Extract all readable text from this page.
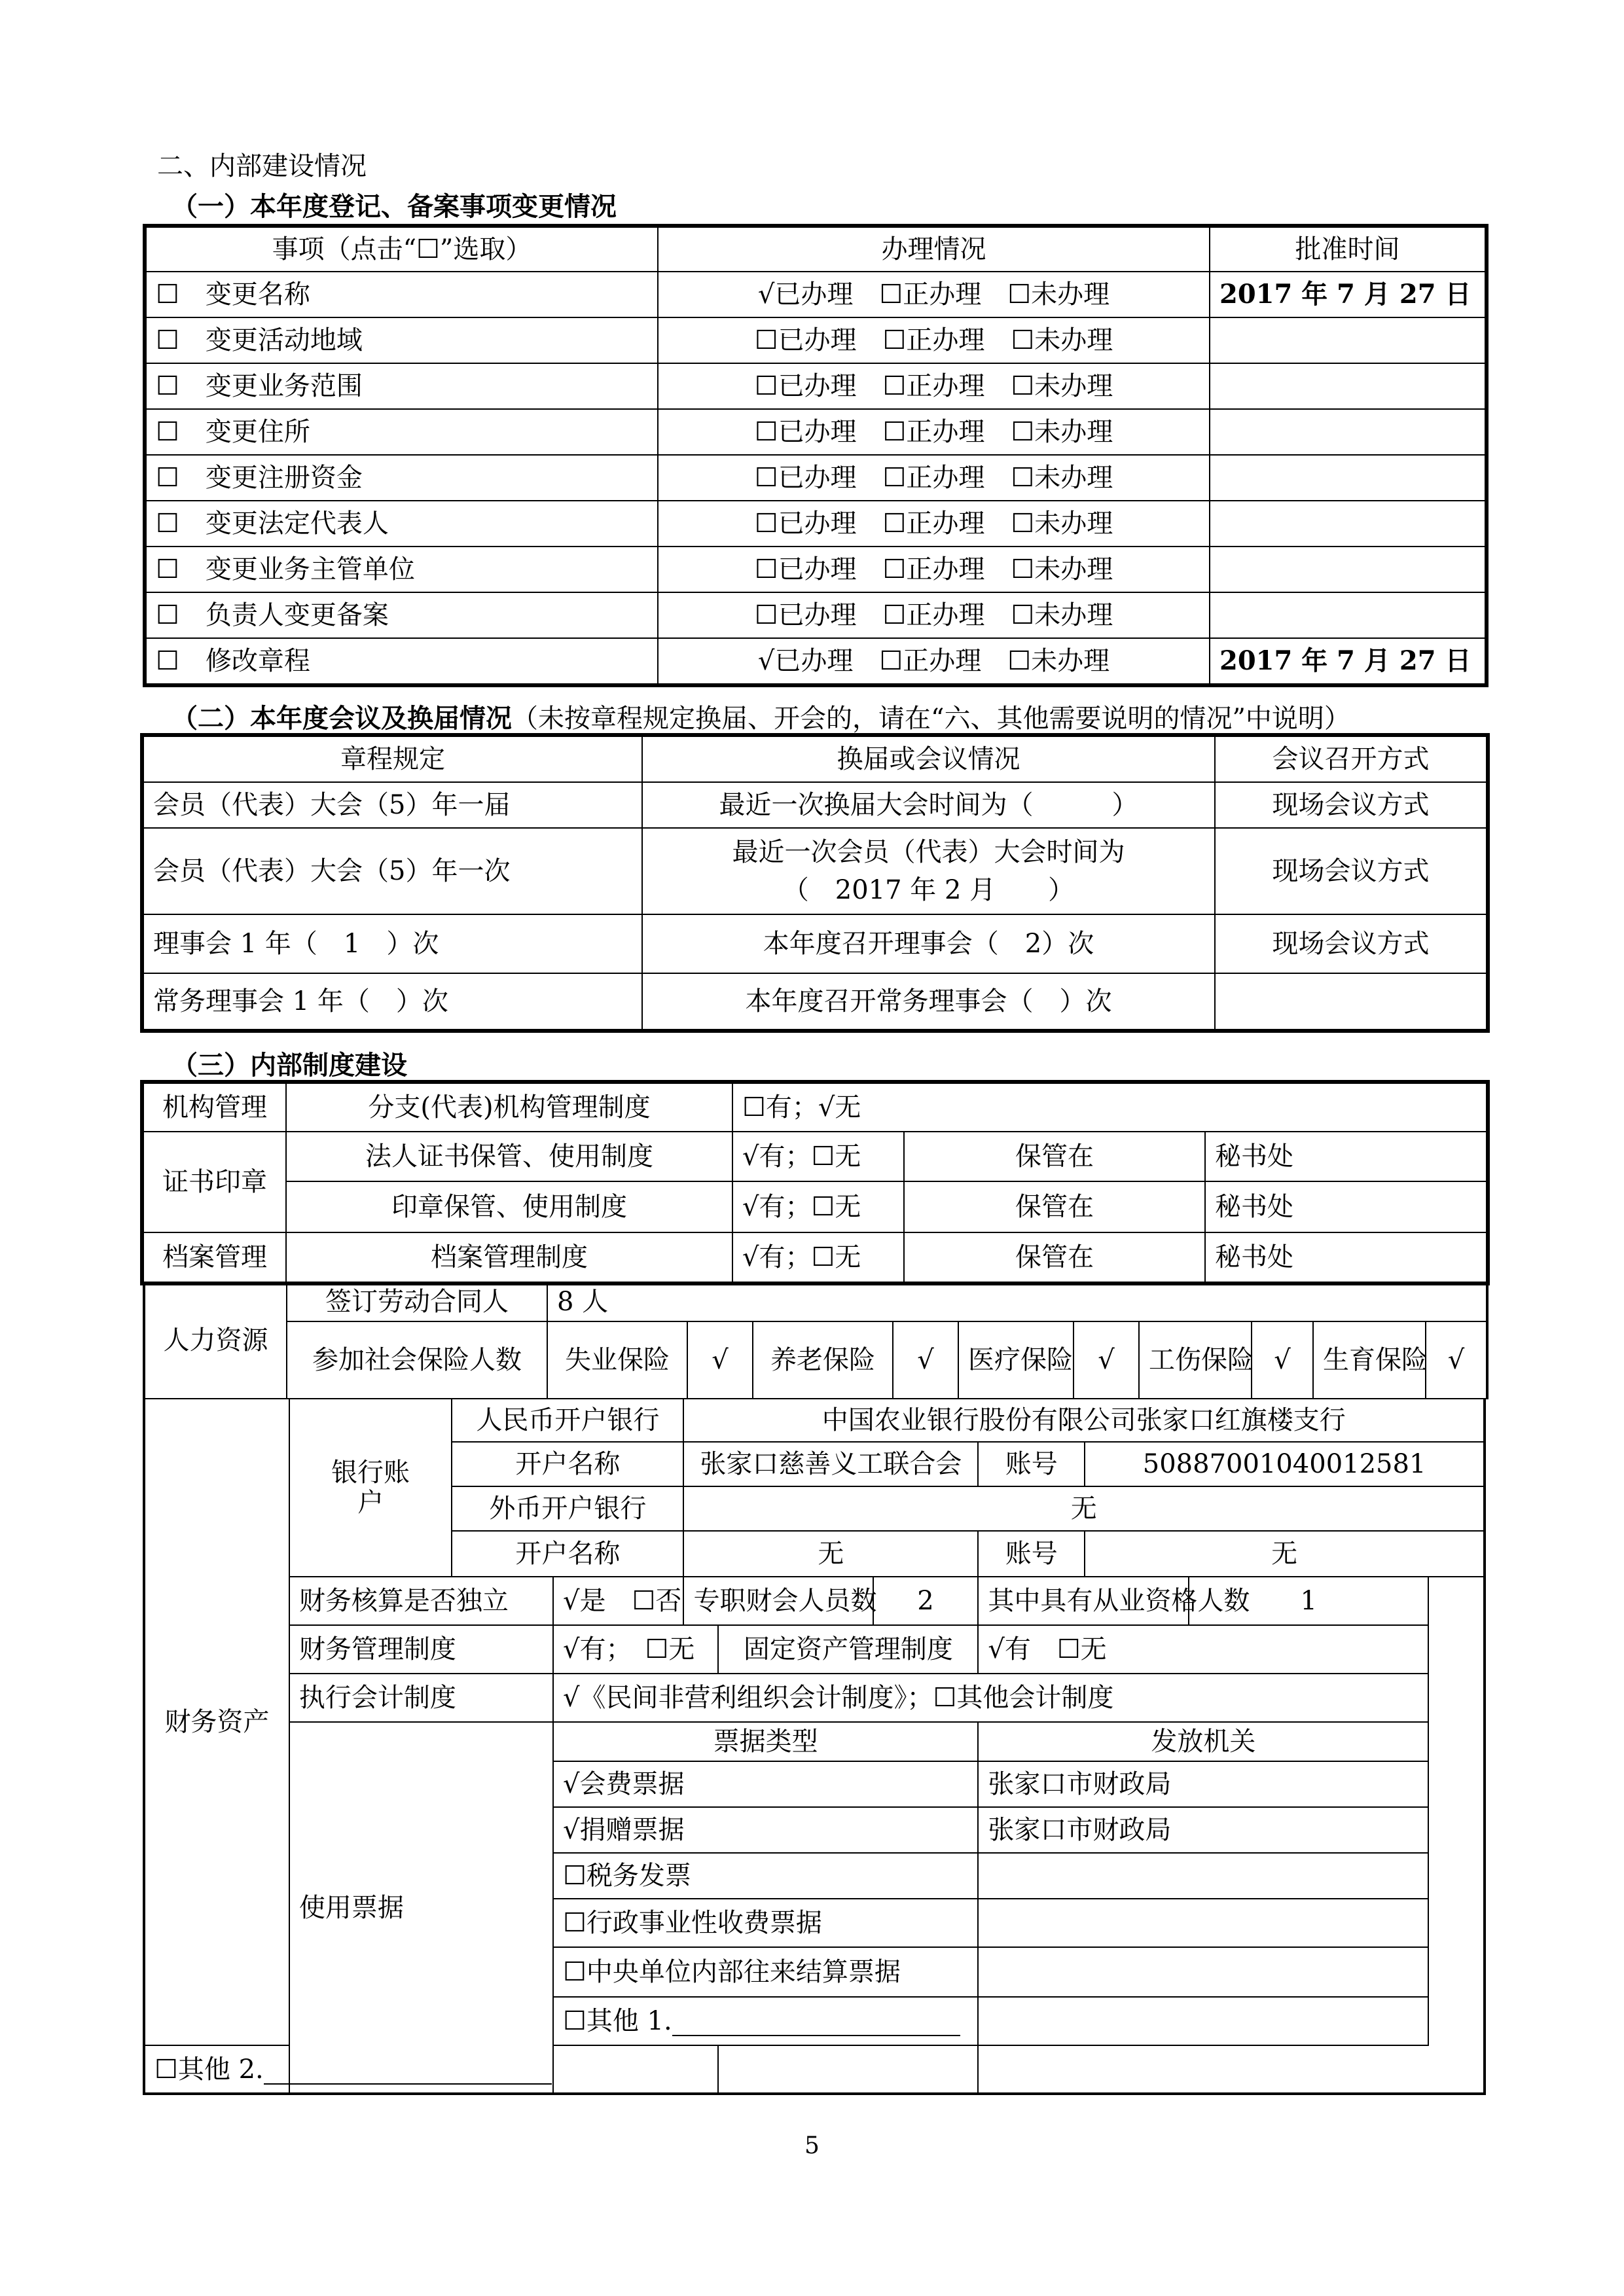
二、内部建设情况
（一）本年度登记、备案事项变更情况
事项（点击“☐”选取）	办理情况	批准时间
☐　变更名称	√已办理　☐正办理　☐未办理	2017 年 7 月 27 日
☐　变更活动地域	☐已办理　☐正办理　☐未办理	
☐　变更业务范围	☐已办理　☐正办理　☐未办理	
☐　变更住所	☐已办理　☐正办理　☐未办理	
☐　变更注册资金	☐已办理　☐正办理　☐未办理	
☐　变更法定代表人	☐已办理　☐正办理　☐未办理	
☐　变更业务主管单位	☐已办理　☐正办理　☐未办理	
☐　负责人变更备案	☐已办理　☐正办理　☐未办理	
☐　修改章程	√已办理　☐正办理　☐未办理	2017 年 7 月 27 日
（二）本年度会议及换届情况（未按章程规定换届、开会的，请在“六、其他需要说明的情况”中说明）
章程规定	换届或会议情况	会议召开方式
会员（代表）大会（5）年一届	最近一次换届大会时间为（　　　）	现场会议方式
会员（代表）大会（5）年一次	最近一次会员（代表）大会时间为
（　2017 年 2 月　　）	现场会议方式
理事会 1 年（　1　）次	本年度召开理事会（　2）次	现场会议方式
常务理事会 1 年（　）次	本年度召开常务理事会（　）次	
（三）内部制度建设
机构管理	分支(代表)机构管理制度	☐有；√无		
证书印章	法人证书保管、使用制度	√有；☐无	保管在	秘书处
	印章保管、使用制度	√有；☐无	保管在	秘书处
档案管理	档案管理制度	√有；☐无	保管在	秘书处
人力资源	签订劳动合同人	8 人									
	参加社会保险人数	失业保险	√	养老保险	√	医疗保险	√	工伤保险	√	生育保险	√
财务资产	银行账户	人民币开户银行		中国农业银行股份有限公司张家口红旗楼支行					
		开户名称		张家口慈善义工联合会			账号	50887001040012581	
		外币开户银行		无					
		开户名称		无			账号	无	
	财务核算是否独立		√是　☐否	专职财会人员数		2	其中具有从业资格人数		1
	财务管理制度		√有；　☐无		固定资产管理制度		√有　☐无		
	执行会计制度		√《民间非营利组织会计制度》；☐其他会计制度						
	使用票据		票据类型				发放机关		
			√会费票据				张家口市财政局		
			√捐赠票据				张家口市财政局		
			☐税务发票						
			☐行政事业性收费票据						
			☐中央单位内部往来结算票据						
			☐其他 1.						
☐其他 2.									
5
